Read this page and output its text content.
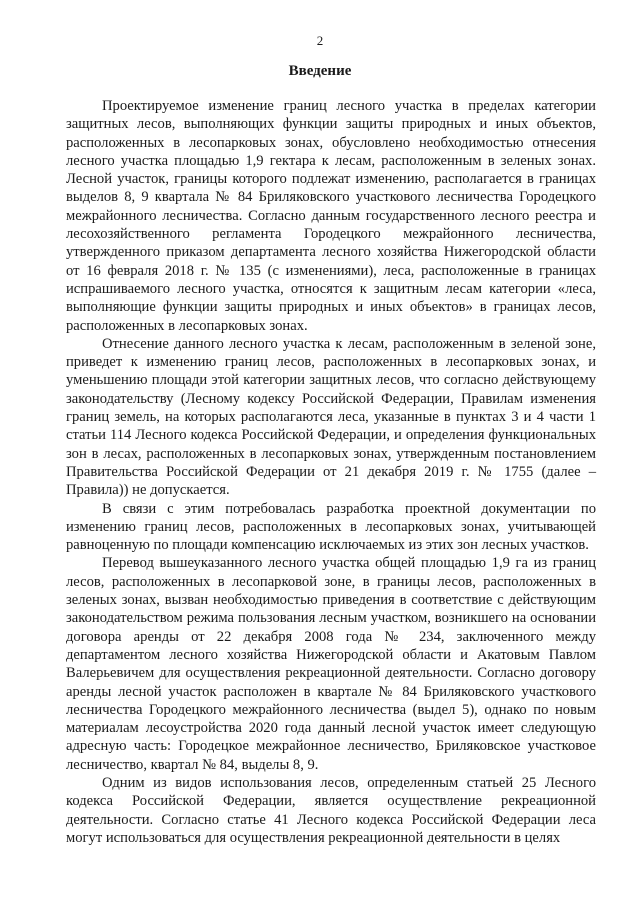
2
Введение

Проектируемое изменение границ лесного участка в пределах категории защитных лесов, выполняющих функции защиты природных и иных объектов, расположенных в лесопарковых зонах, обусловлено необходимостью отнесения лесного участка площадью 1,9 гектара к лесам, расположенным в зеленых зонах. Лесной участок, границы которого подлежат изменению, располагается в границах выделов 8, 9 квартала № 84 Бриляковского участкового лесничества Городецкого межрайонного лесничества. Согласно данным государственного лесного реестра и лесохозяйственного регламента Городецкого межрайонного лесничества, утвержденного приказом департамента лесного хозяйства Нижегородской области от 16 февраля 2018 г. № 135 (с изменениями), леса, расположенные в границах испрашиваемого лесного участка, относятся к защитным лесам категории «леса, выполняющие функции защиты природных и иных объектов» в границах лесов, расположенных в лесопарковых зонах.

Отнесение данного лесного участка к лесам, расположенным в зеленой зоне, приведет к изменению границ лесов, расположенных в лесопарковых зонах, и уменьшению площади этой категории защитных лесов, что согласно действующему законодательству (Лесному кодексу Российской Федерации, Правилам изменения границ земель, на которых располагаются леса, указанные в пунктах 3 и 4 части 1 статьи 114 Лесного кодекса Российской Федерации, и определения функциональных зон в лесах, расположенных в лесопарковых зонах, утвержденным постановлением Правительства Российской Федерации от 21 декабря 2019 г. № 1755 (далее – Правила)) не допускается.

В связи с этим потребовалась разработка проектной документации по изменению границ лесов, расположенных в лесопарковых зонах, учитывающей равноценную по площади компенсацию исключаемых из этих зон лесных участков.

Перевод вышеуказанного лесного участка общей площадью 1,9 га из границ лесов, расположенных в лесопарковой зоне, в границы лесов, расположенных в зеленых зонах, вызван необходимостью приведения в соответствие с действующим законодательством режима пользования лесным участком, возникшего на основании договора аренды от 22 декабря 2008 года № 234, заключенного между департаментом лесного хозяйства Нижегородской области и Акатовым Павлом Валерьевичем для осуществления рекреационной деятельности. Согласно договору аренды лесной участок расположен в квартале № 84 Бриляковского участкового лесничества Городецкого межрайонного лесничества (выдел 5), однако по новым материалам лесоустройства 2020 года данный лесной участок имеет следующую адресную часть: Городецкое межрайонное лесничество, Бриляковское участковое лесничество, квартал № 84, выделы 8, 9.

Одним из видов использования лесов, определенным статьей 25 Лесного кодекса Российской Федерации, является осуществление рекреационной деятельности. Согласно статье 41 Лесного кодекса Российской Федерации леса могут использоваться для осуществления рекреационной деятельности в целях
